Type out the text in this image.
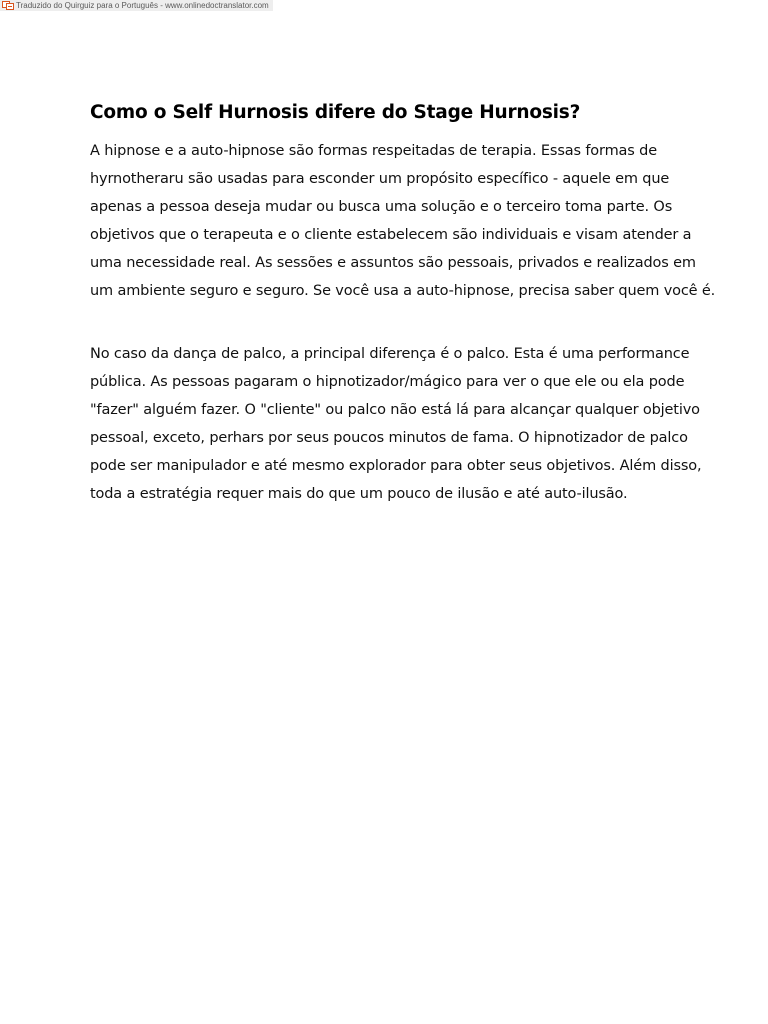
Traduzido do Quirguiz para o Português - www.onlinedoctranslator.com
Como o Self Hurnosis difere do Stage Hurnosis?

A hipnose e a auto-hipnose são formas respeitadas de terapia. Essas formas de
hyrnotheraru são usadas para esconder um propósito específico - aquele em que
apenas a pessoa deseja mudar ou busca uma solução e o terceiro toma parte. Os
objetivos que o terapeuta e o cliente estabelecem são individuais e visam atender a
uma necessidade real. As sessões e assuntos são pessoais, privados e realizados em
um ambiente seguro e seguro. Se você usa a auto-hipnose, precisa saber quem você é.

No caso da dança de palco, a principal diferença é o palco. Esta é uma performance
pública. As pessoas pagaram o hipnotizador/mágico para ver o que ele ou ela pode
"fazer" alguém fazer. O "cliente" ou palco não está lá para alcançar qualquer objetivo
pessoal, exceto, perhars por seus poucos minutos de fama. O hipnotizador de palco
pode ser manipulador e até mesmo explorador para obter seus objetivos. Além disso,
toda a estratégia requer mais do que um pouco de ilusão e até auto-ilusão.
